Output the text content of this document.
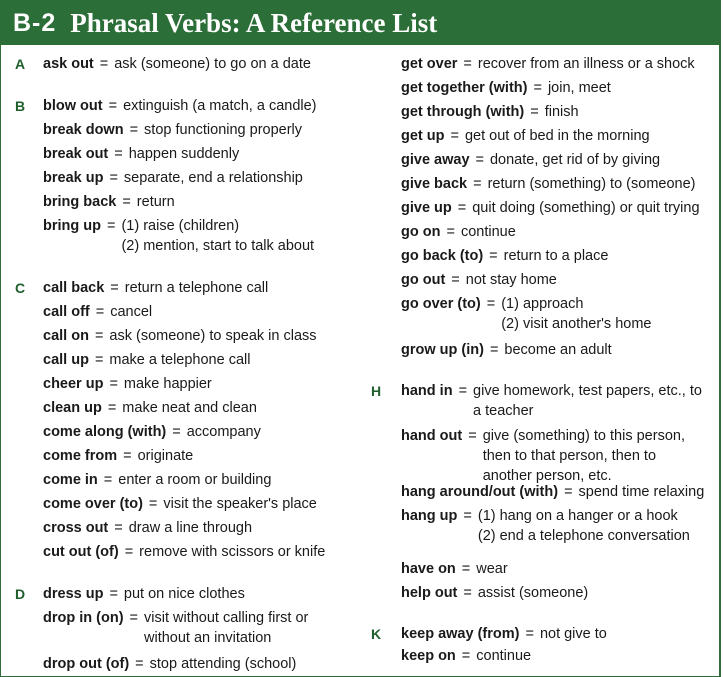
B-2 Phrasal Verbs: A Reference List
A
B
C
D
ask out = ask (someone) to go on a date
blow out = extinguish (a match, a candle)
break down = stop functioning properly
break out = happen suddenly
break up = separate, end a relationship
bring back = return
bring up = (1) raise (children)
(2) mention, start to talk about
call back = return a telephone call
call off = cancel
call on = ask (someone) to speak in class
call up = make a telephone call
cheer up = make happier
clean up = make neat and clean
come along (with) = accompany
come from = originate
come in = enter a room or building
come over (to) = visit the speaker's place
cross out = draw a line through
cut out (of) = remove with scissors or knife
dress up = put on nice clothes
drop in (on) = visit without calling first or
without an invitation
drop out (of) = stop attending (school)
H
K
get over = recover from an illness or a shock
get together (with) = join, meet
get through (with) = finish
get up = get out of bed in the morning
give away = donate, get rid of by giving
give back = return (something) to (someone)
give up = quit doing (something) or quit trying
go on = continue
go back (to) = return to a place
go out = not stay home
go over (to) = (1) approach
(2) visit another's home
grow up (in) = become an adult
hand in = give homework, test papers, etc., to
a teacher
hand out = give (something) to this person,
then to that person, then to
another person, etc.
hang around/out (with) = spend time relaxing
hang up = (1) hang on a hanger or a hook
(2) end a telephone conversation
have on = wear
help out = assist (someone)
keep away (from) = not give to
keep on = continue
